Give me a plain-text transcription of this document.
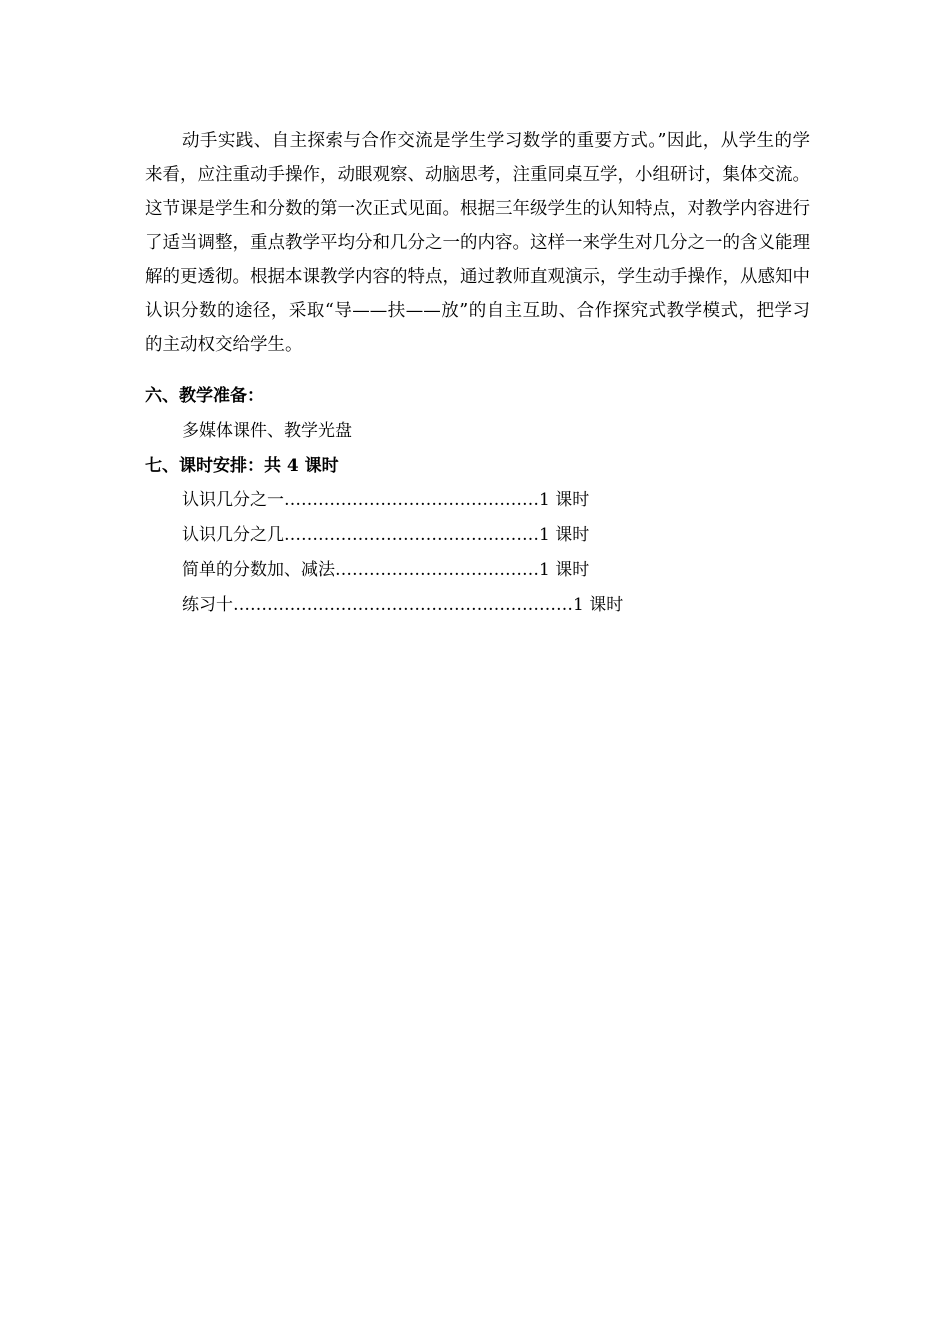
动手实践、自主探索与合作交流是学生学习数学的重要方式。”因此，从学生的学来看，应注重动手操作，动眼观察、动脑思考，注重同桌互学，小组研讨，集体交流。这节课是学生和分数的第一次正式见面。根据三年级学生的认知特点，对教学内容进行了适当调整，重点教学平均分和几分之一的内容。这样一来学生对几分之一的含义能理解的更透彻。根据本课教学内容的特点，通过教师直观演示，学生动手操作，从感知中认识分数的途径，采取“导——扶——放”的自主互助、合作探究式教学模式，把学习的主动权交给学生。

六、教学准备：

多媒体课件、教学光盘

七、课时安排：共 4 课时

认识几分之一………………………………………1 课时
认识几分之几………………………………………1 课时
简单的分数加、减法………………………………1 课时
练习十……………………………………………………1 课时
